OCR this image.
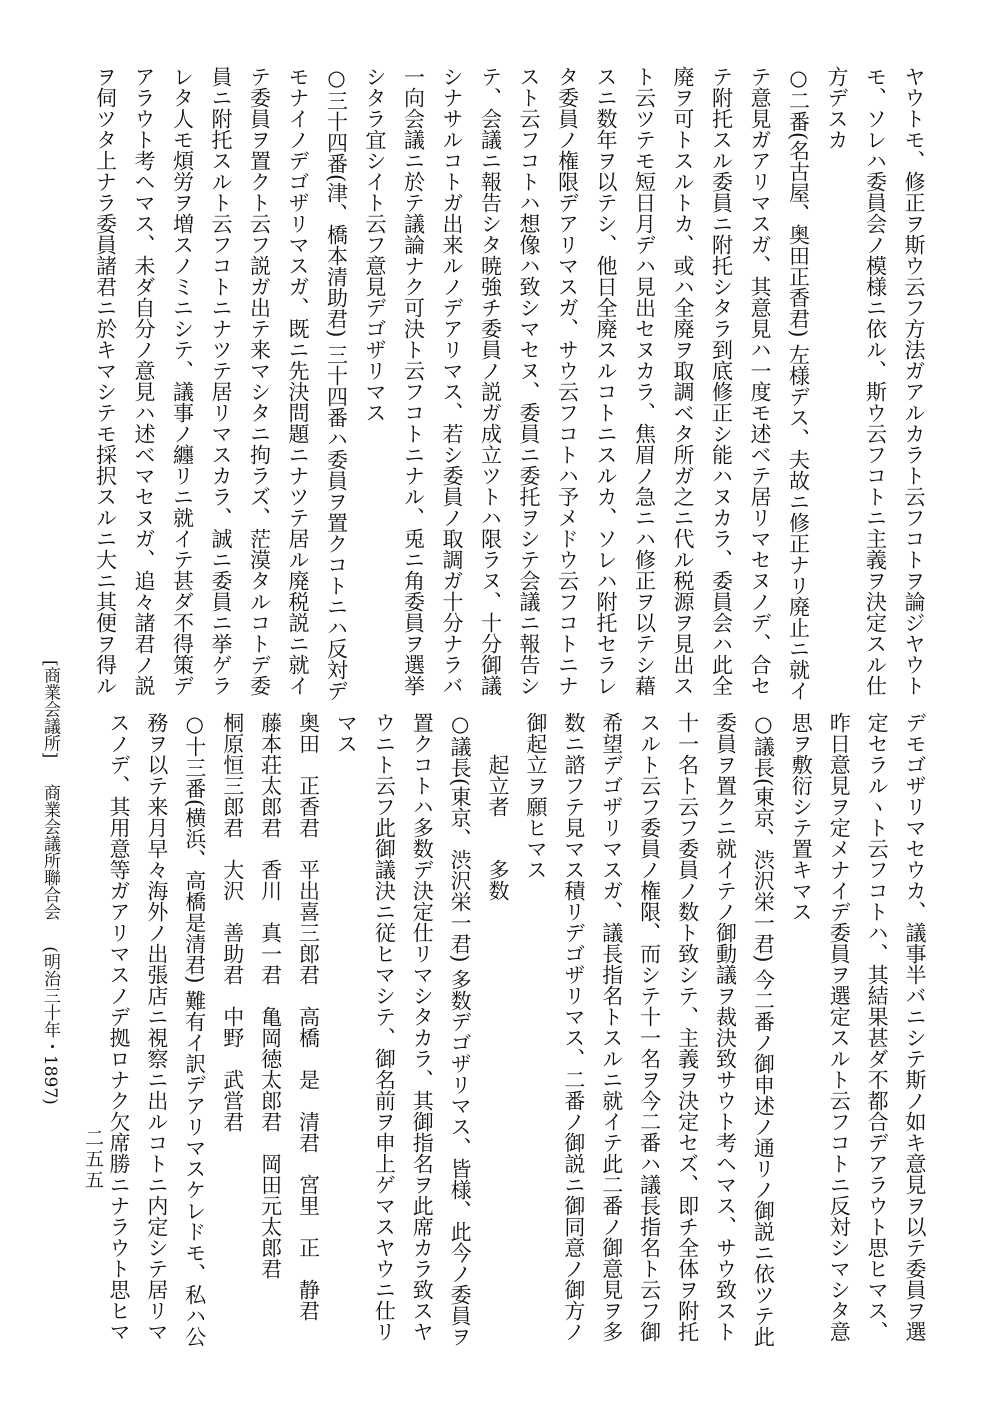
ヤウトモ、修正ヲ斯ウ云フ方法ガアルカラト云フコトヲ論ジヤウト
モ、ソレハ委員会ノ模様ニ依ル、斯ウ云フコトニ主義ヲ決定スル仕
方デスカ
○二番(名古屋、奥田正香君) 左様デス、夫故ニ修正ナリ廃止ニ就イ
テ意見ガアリマスガ、其意見ハ一度モ述ベテ居リマセヌノデ、合セ
テ附托スル委員ニ附托シタラ到底修正シ能ハヌカラ、委員会ハ此全
廃ヲ可トスルトカ、或ハ全廃ヲ取調ベタ所ガ之ニ代ル税源ヲ見出ス
ト云ツテモ短日月デハ見出セヌカラ、焦眉ノ急ニハ修正ヲ以テシ藉
スニ数年ヲ以テシ、他日全廃スルコトニスルカ、ソレハ附托セラレ
タ委員ノ権限デアリマスガ、サウ云フコトハ予メドウ云フコトニナ
スト云フコトハ想像ハ致シマセヌ、委員ニ委托ヲシテ会議ニ報告シ
テ、会議ニ報告シタ暁強チ委員ノ説ガ成立ツトハ限ラヌ、十分御議
シナサルコトガ出来ルノデアリマス、若シ委員ノ取調ガ十分ナラバ
一向会議ニ於テ議論ナク可決ト云フコトニナル、兎ニ角委員ヲ選挙
シタラ宜シイト云フ意見デゴザリマス
○三十四番(津、橋本清助君) 三十四番ハ委員ヲ置クコトニハ反対デ
モナイノデゴザリマスガ、既ニ先決問題ニナツテ居ル廃税説ニ就イ
テ委員ヲ置クト云フ説ガ出テ来マシタニ拘ラズ、茫漠タルコトデ委
員ニ附托スルト云フコトニナツテ居リマスカラ、誠ニ委員ニ挙ゲラ
レタ人モ煩労ヲ増スノミニシテ、議事ノ纏リニ就イテ甚ダ不得策デ
アラウト考ヘマス、未ダ自分ノ意見ハ述ベマセヌガ、追々諸君ノ説
ヲ伺ツタ上ナラ委員諸君ニ於キマシテモ採択スルニ大ニ其便ヲ得ル
デモゴザリマセウカ、議事半バニシテ斯ノ如キ意見ヲ以テ委員ヲ選
定セラルヽト云フコトハ、其結果甚ダ不都合デアラウト思ヒマス、
昨日意見ヲ定メナイデ委員ヲ選定スルト云フコトニ反対シマシタ意
思ヲ敷衍シテ置キマス
○議長(東京、渋沢栄一君) 今二番ノ御申述ノ通リノ御説ニ依ツテ此
委員ヲ置クニ就イテノ御動議ヲ裁決致サウト考ヘマス、サウ致スト
十一名ト云フ委員ノ数ト致シテ、主義ヲ決定セズ、即チ全体ヲ附托
スルト云フ委員ノ権限、而シテ十一名ヲ今二番ハ議長指名ト云フ御
希望デゴザリマスガ、議長指名トスルニ就イテ此二番ノ御意見ヲ多
数ニ諮フテ見マス積リデゴザリマス、二番ノ御説ニ御同意ノ御方ノ
御起立ヲ願ヒマス
　　起立者　　多数
○議長(東京、渋沢栄一君) 多数デゴザリマス、皆様、此今ノ委員ヲ
置クコトハ多数デ決定仕リマシタカラ、其御指名ヲ此席カラ致スヤ
ウニト云フ此御議決ニ従ヒマシテ、御名前ヲ申上ゲマスヤウニ仕リ
マス
奥田　正香君　平出喜三郎君　高橋　是　清君　宮里　正　静君
藤本荘太郎君　香川　真一君　亀岡徳太郎君　岡田元太郎君
桐原恒三郎君　大沢　善助君　中野　武営君
○十三番(横浜、高橋是清君) 難有イ訳デアリマスケレドモ、私ハ公
務ヲ以テ来月早々海外ノ出張店ニ視察ニ出ルコトニ内定シテ居リマ
スノデ、其用意等ガアリマスノデ拠ロナク欠席勝ニナラウト思ヒマ
[商業会議所]商業会議所聯合会(明治三十年・1897)
二五五
